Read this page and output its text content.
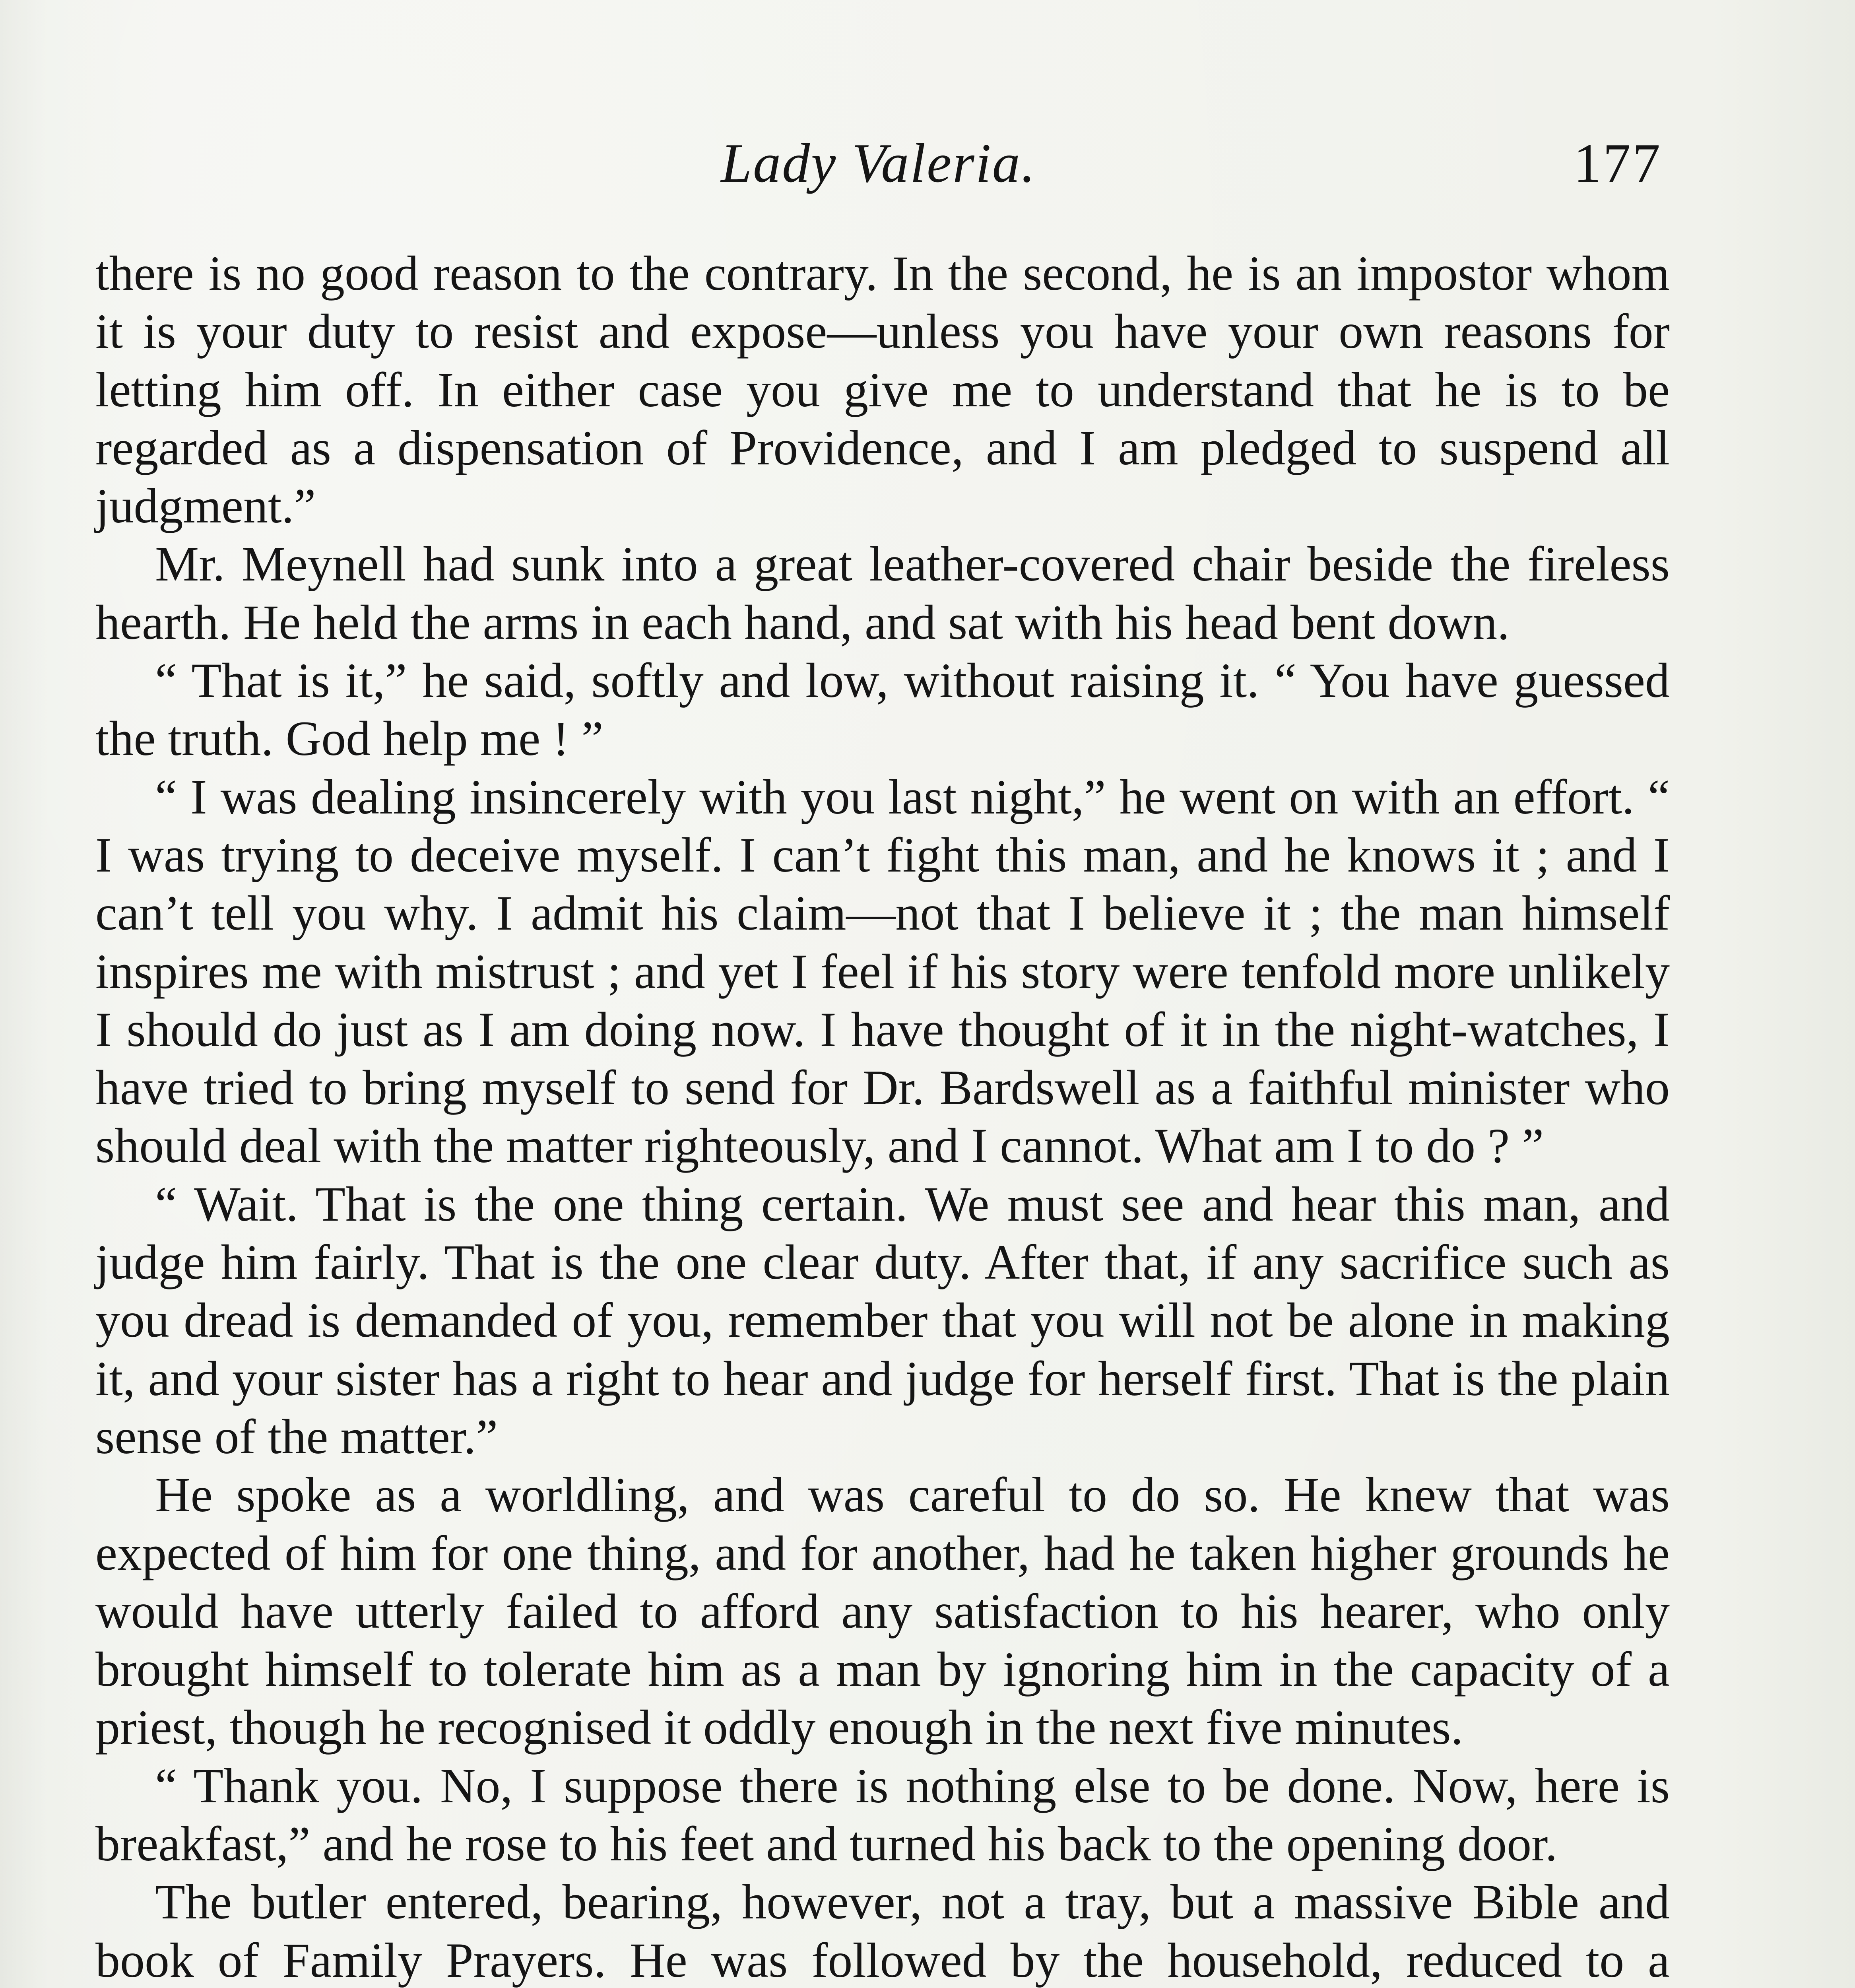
Lady Valeria.	177

there is no good reason to the contrary. In the second, he is an impostor whom it is your duty to resist and expose—unless you have your own reasons for letting him off. In either case you give me to understand that he is to be regarded as a dispensation of Providence, and I am pledged to suspend all judgment.”

Mr. Meynell had sunk into a great leather-covered chair beside the fireless hearth. He held the arms in each hand, and sat with his head bent down.

“ That is it,” he said, softly and low, without raising it. “ You have guessed the truth. God help me ! ”

“ I was dealing insincerely with you last night,” he went on with an effort. “ I was trying to deceive myself. I can’t fight this man, and he knows it ; and I can’t tell you why. I admit his claim—not that I believe it ; the man himself inspires me with mistrust ; and yet I feel if his story were tenfold more unlikely I should do just as I am doing now. I have thought of it in the night-watches, I have tried to bring myself to send for Dr. Bardswell as a faithful minister who should deal with the matter righteously, and I cannot. What am I to do ? ”

“ Wait. That is the one thing certain. We must see and hear this man, and judge him fairly. That is the one clear duty. After that, if any sacrifice such as you dread is demanded of you, remember that you will not be alone in making it, and your sister has a right to hear and judge for herself first. That is the plain sense of the matter.”

He spoke as a worldling, and was careful to do so. He knew that was expected of him for one thing, and for another, had he taken higher grounds he would have utterly failed to afford any satisfaction to his hearer, who only brought himself to tolerate him as a man by ignoring him in the capacity of a priest, though he recognised it oddly enough in the next five minutes.

“ Thank you. No, I suppose there is nothing else to be done. Now, here is breakfast,” and he rose to his feet and turned his back to the opening door.

The butler entered, bearing, however, not a tray, but a massive Bible and book of Family Prayers. He was followed by the household, reduced to a
